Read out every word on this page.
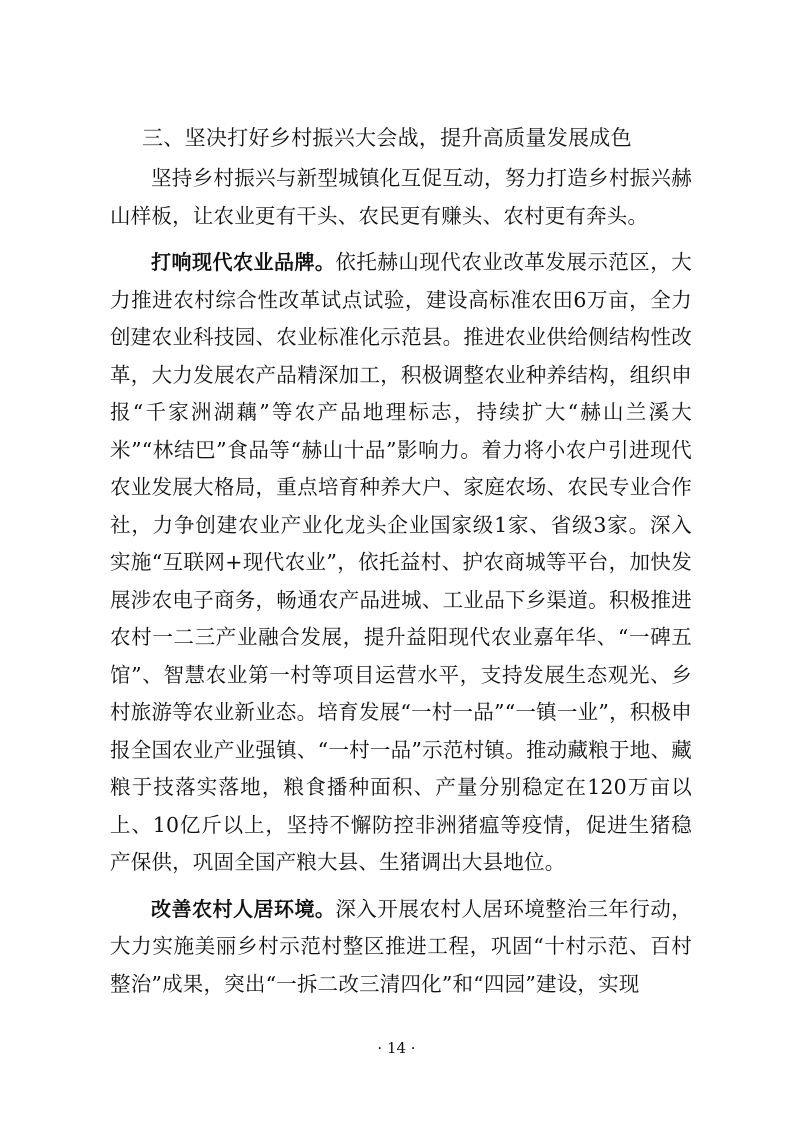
三、坚决打好乡村振兴大会战，提升高质量发展成色

坚持乡村振兴与新型城镇化互促互动，努力打造乡村振兴赫山样板，让农业更有干头、农民更有赚头、农村更有奔头。

打响现代农业品牌。依托赫山现代农业改革发展示范区，大力推进农村综合性改革试点试验，建设高标准农田6万亩，全力创建农业科技园、农业标准化示范县。推进农业供给侧结构性改革，大力发展农产品精深加工，积极调整农业种养结构，组织申报“千家洲湖藕”等农产品地理标志，持续扩大“赫山兰溪大米”“林结巴”食品等“赫山十品”影响力。着力将小农户引进现代农业发展大格局，重点培育种养大户、家庭农场、农民专业合作社，力争创建农业产业化龙头企业国家级1家、省级3家。深入实施“互联网+现代农业”，依托益村、护农商城等平台，加快发展涉农电子商务，畅通农产品进城、工业品下乡渠道。积极推进农村一二三产业融合发展，提升益阳现代农业嘉年华、“一碑五馆”、智慧农业第一村等项目运营水平，支持发展生态观光、乡村旅游等农业新业态。培育发展“一村一品”“一镇一业”，积极申报全国农业产业强镇、“一村一品”示范村镇。推动藏粮于地、藏粮于技落实落地，粮食播种面积、产量分别稳定在120万亩以上、10亿斤以上，坚持不懈防控非洲猪瘟等疫情，促进生猪稳产保供，巩固全国产粮大县、生猪调出大县地位。

改善农村人居环境。深入开展农村人居环境整治三年行动，大力实施美丽乡村示范村整区推进工程，巩固“十村示范、百村整治”成果，突出“一拆二改三清四化”和“四园”建设，实现

· 14 ·
